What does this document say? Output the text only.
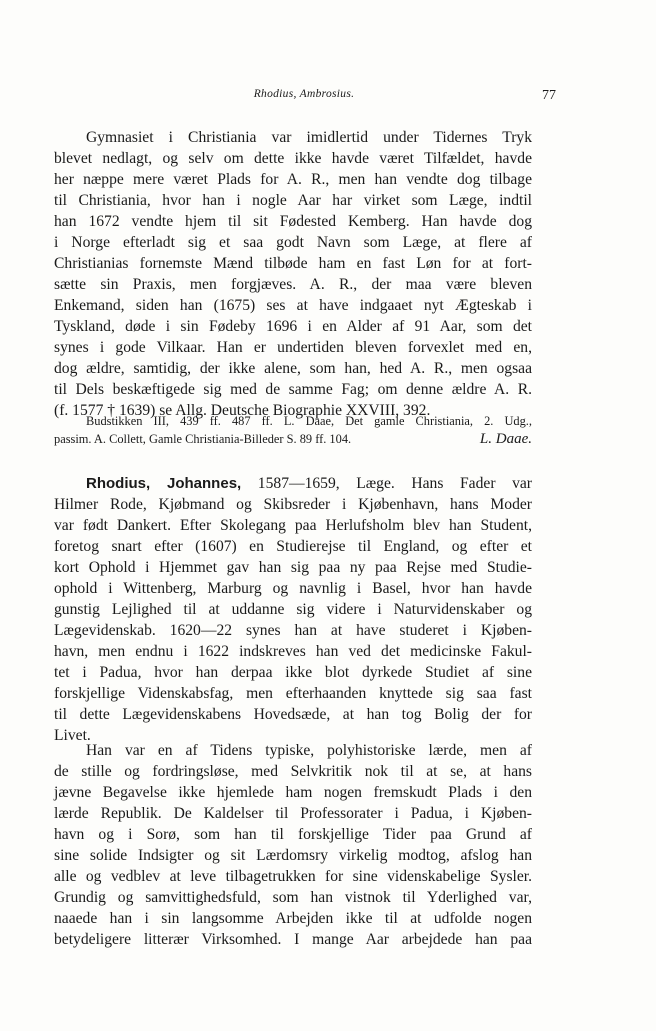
Rhodius, Ambrosius.	77
Gymnasiet i Christiania var imidlertid under Tidernes Tryk
blevet nedlagt, og selv om dette ikke havde været Tilfældet, havde
her næppe mere været Plads for A. R., men han vendte dog tilbage
til Christiania, hvor han i nogle Aar har virket som Læge, indtil
han 1672 vendte hjem til sit Fødested Kemberg. Han havde dog
i Norge efterladt sig et saa godt Navn som Læge, at flere af
Christianias fornemste Mænd tilbøde ham en fast Løn for at fort-
sætte sin Praxis, men forgjæves. A. R., der maa være bleven
Enkemand, siden han (1675) ses at have indgaaet nyt Ægteskab i
Tyskland, døde i sin Fødeby 1696 i en Alder af 91 Aar, som det
synes i gode Vilkaar. Han er undertiden bleven forvexlet med en,
dog ældre, samtidig, der ikke alene, som han, hed A. R., men ogsaa
til Dels beskæftigede sig med de samme Fag; om denne ældre A. R.
(f. 1577 † 1639) se Allg. Deutsche Biographie XXVIII, 392.
Budstikken III, 439 ff. 487 ff. L. Daae, Det gamle Christiania, 2. Udg.,
passim. A. Collett, Gamle Christiania-Billeder S. 89 ff. 104.	L. Daae.
Rhodius, Johannes, 1587—1659, Læge. Hans Fader var
Hilmer Rode, Kjøbmand og Skibsreder i Kjøbenhavn, hans Moder
var født Dankert. Efter Skolegang paa Herlufsholm blev han Student,
foretog snart efter (1607) en Studierejse til England, og efter et
kort Ophold i Hjemmet gav han sig paa ny paa Rejse med Studie-
ophold i Wittenberg, Marburg og navnlig i Basel, hvor han havde
gunstig Lejlighed til at uddanne sig videre i Naturvidenskaber og
Lægevidenskab. 1620—22 synes han at have studeret i Kjøben-
havn, men endnu i 1622 indskreves han ved det medicinske Fakul-
tet i Padua, hvor han derpaa ikke blot dyrkede Studiet af sine
forskjellige Videnskabsfag, men efterhaanden knyttede sig saa fast
til dette Lægevidenskabens Hovedsæde, at han tog Bolig der for
Livet.
Han var en af Tidens typiske, polyhistoriske lærde, men af
de stille og fordringsløse, med Selvkritik nok til at se, at hans
jævne Begavelse ikke hjemlede ham nogen fremskudt Plads i den
lærde Republik. De Kaldelser til Professorater i Padua, i Kjøben-
havn og i Sorø, som han til forskjellige Tider paa Grund af
sine solide Indsigter og sit Lærdomsry virkelig modtog, afslog han
alle og vedblev at leve tilbagetrukken for sine videnskabelige Sysler.
Grundig og samvittighedsfuld, som han vistnok til Yderlighed var,
naaede han i sin langsomme Arbejden ikke til at udfolde nogen
betydeligere litterær Virksomhed. I mange Aar arbejdede han paa
